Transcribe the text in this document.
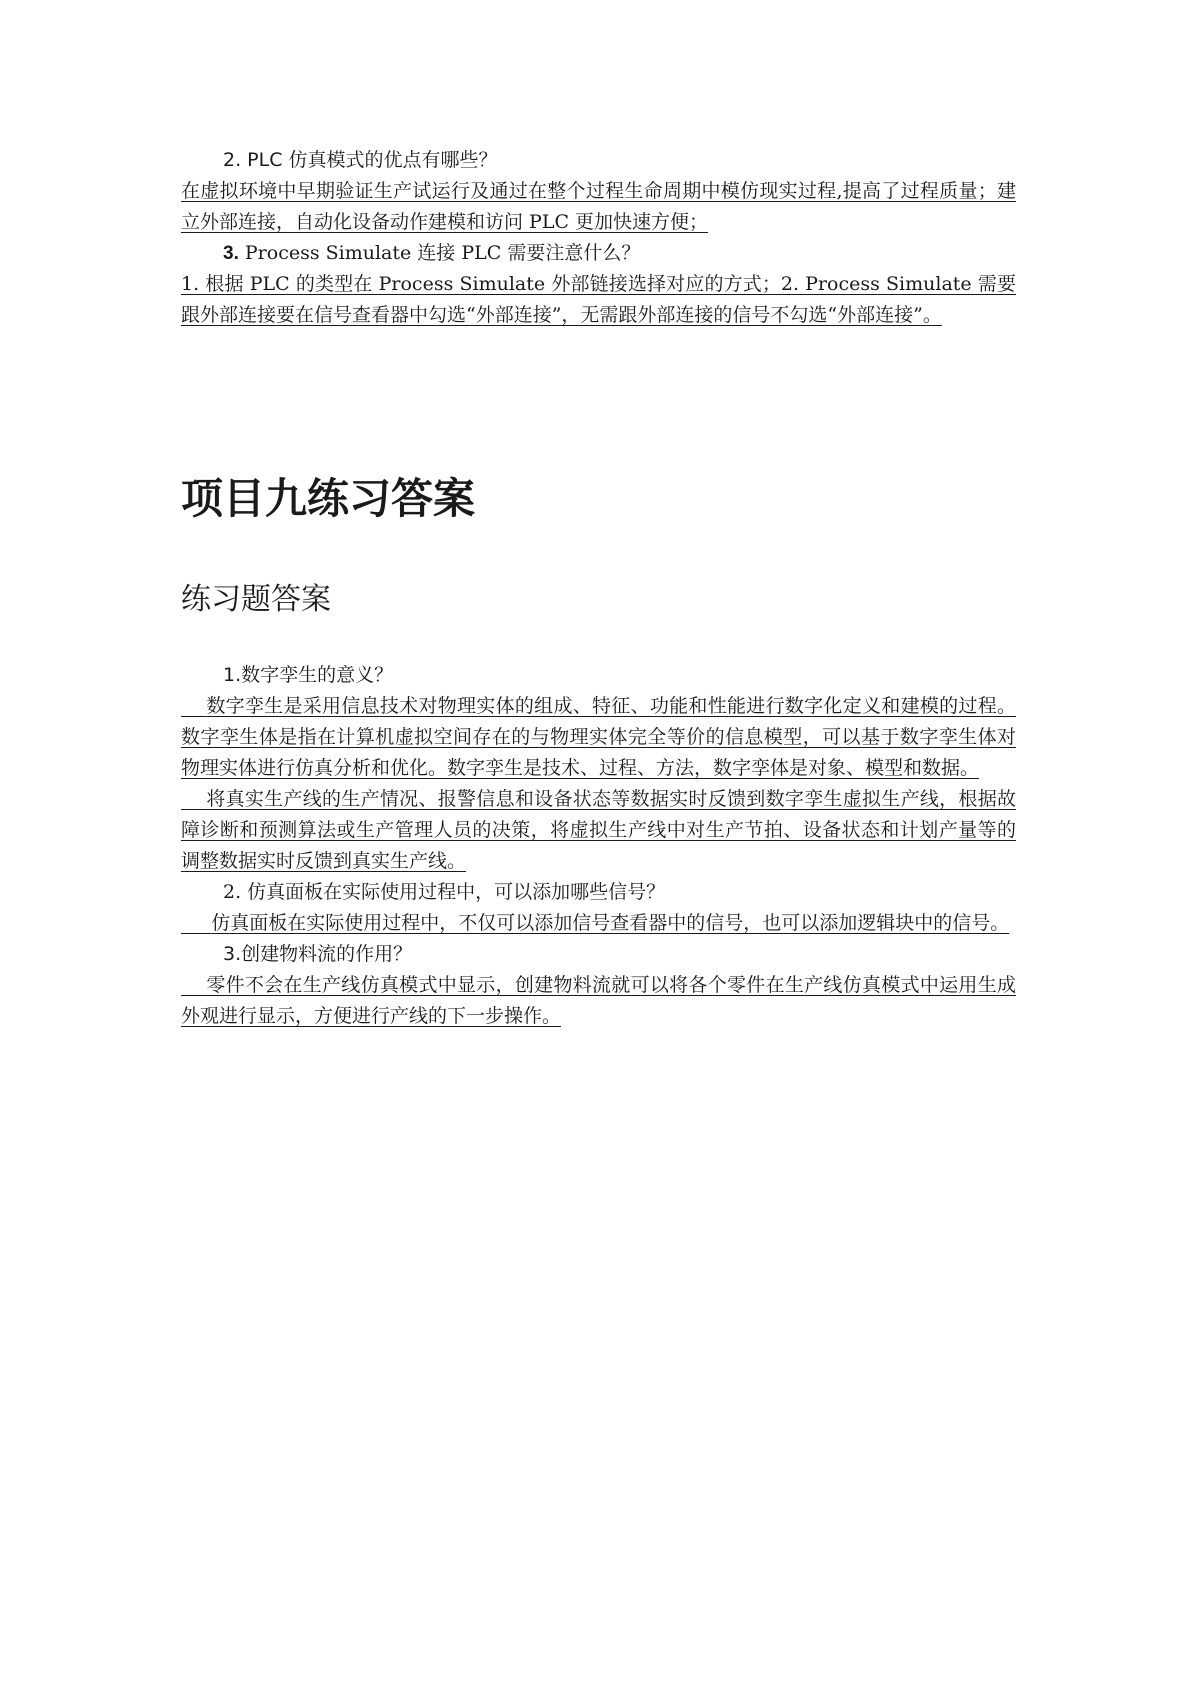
2. PLC 仿真模式的优点有哪些？

在虚拟环境中早期验证生产试运行及通过在整个过程生命周期中模仿现实过程,提高了过程质量；建立外部连接，自动化设备动作建模和访问 PLC 更加快速方便；

3. Process Simulate 连接 PLC 需要注意什么？

1. 根据 PLC 的类型在 Process Simulate 外部链接选择对应的方式；2. Process Simulate 需要跟外部连接要在信号查看器中勾选“外部连接”，无需跟外部连接的信号不勾选“外部连接”。

项目九练习答案
练习题答案

1.数字孪生的意义？

数字孪生是采用信息技术对物理实体的组成、特征、功能和性能进行数字化定义和建模的过程。数字孪生体是指在计算机虚拟空间存在的与物理实体完全等价的信息模型，可以基于数字孪生体对物理实体进行仿真分析和优化。数字孪生是技术、过程、方法，数字孪体是对象、模型和数据。

将真实生产线的生产情况、报警信息和设备状态等数据实时反馈到数字孪生虚拟生产线，根据故障诊断和预测算法或生产管理人员的决策，将虚拟生产线中对生产节拍、设备状态和计划产量等的调整数据实时反馈到真实生产线。

2. 仿真面板在实际使用过程中，可以添加哪些信号？

仿真面板在实际使用过程中，不仅可以添加信号查看器中的信号，也可以添加逻辑块中的信号。

3.创建物料流的作用？

零件不会在生产线仿真模式中显示，创建物料流就可以将各个零件在生产线仿真模式中运用生成外观进行显示，方便进行产线的下一步操作。
